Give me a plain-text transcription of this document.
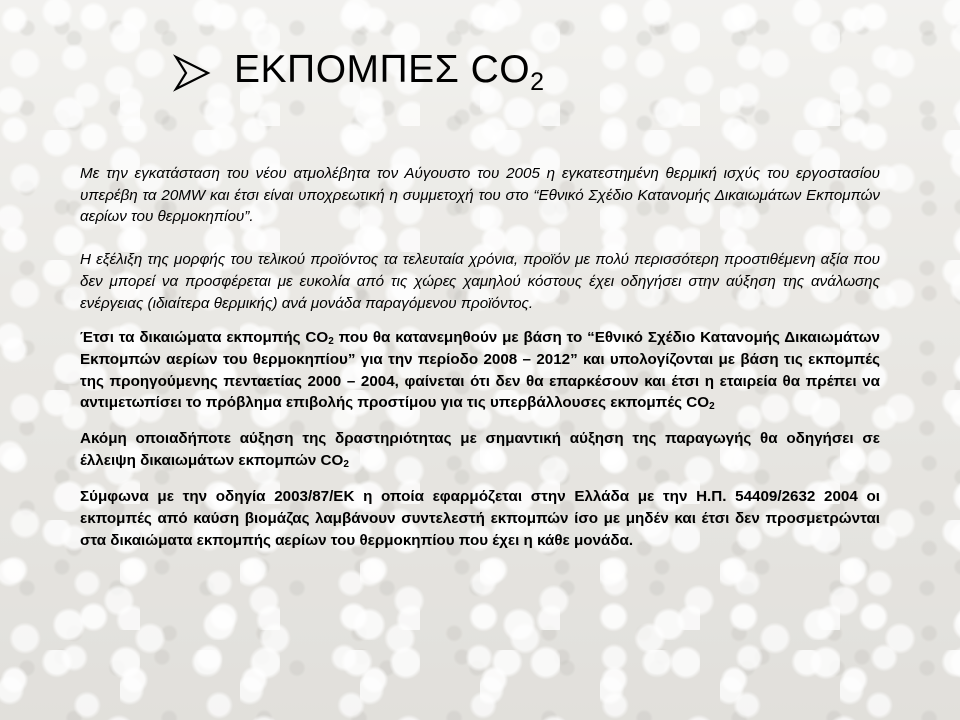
ΕΚΠΟΜΠΕΣ $CO_2$

Με την εγκατάσταση του νέου ατμολέβητα τον Αύγουστο του 2005 η εγκατεστημένη θερμική ισχύς του εργοστασίου υπερέβη τα 20MW και έτσι είναι υποχρεωτική η συμμετοχή του στο “Εθνικό Σχέδιο Κατανομής Δικαιωμάτων Εκπομπών αερίων του θερμοκηπίου”.

Η εξέλιξη της μορφής του τελικού προϊόντος τα τελευταία χρόνια, προϊόν με πολύ περισσότερη προστιθέμενη αξία που δεν μπορεί να προσφέρεται με ευκολία από τις χώρες χαμηλού κόστους έχει οδηγήσει στην αύξηση της ανάλωσης ενέργειας (ιδιαίτερα θερμικής) ανά μονάδα παραγόμενου προϊόντος.

Έτσι τα δικαιώματα εκπομπής $CO_2$ που θα κατανεμηθούν με βάση το “Εθνικό Σχέδιο Κατανομής Δικαιωμάτων Εκπομπών αερίων του θερμοκηπίου” για την περίοδο 2008 – 2012” και υπολογίζονται με βάση τις εκπομπές της προηγούμενης πενταετίας 2000 – 2004, φαίνεται ότι δεν θα επαρκέσουν και έτσι η εταιρεία θα πρέπει να αντιμετωπίσει το πρόβλημα επιβολής προστίμου για τις υπερβάλλουσες εκπομπές $CO_2$

Ακόμη οποιαδήποτε αύξηση της δραστηριότητας με σημαντική αύξηση της παραγωγής θα οδηγήσει σε έλλειψη δικαιωμάτων εκπομπών $CO_2$

Σύμφωνα με την οδηγία 2003/87/ΕΚ η οποία εφαρμόζεται στην Ελλάδα με την Η.Π. 54409/2632 2004 οι εκπομπές από καύση βιομάζας λαμβάνουν συντελεστή εκπομπών ίσο με μηδέν και έτσι δεν προσμετρώνται στα δικαιώματα εκπομπής αερίων του θερμοκηπίου που έχει η κάθε μονάδα.
